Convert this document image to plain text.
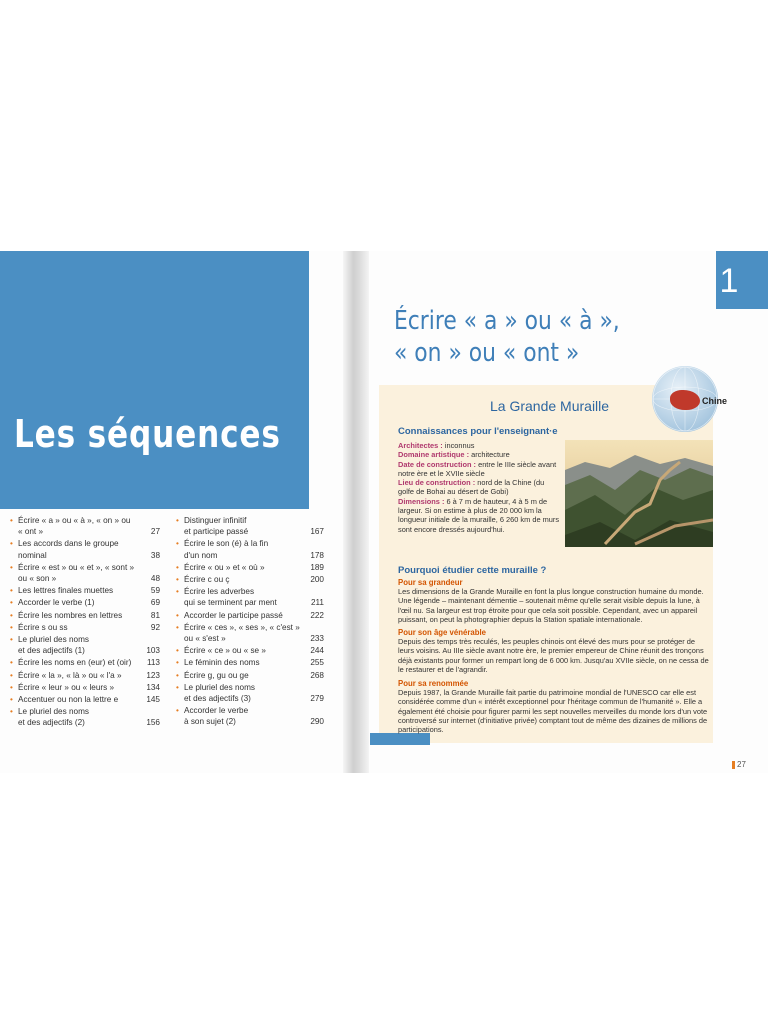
Les séquences
• Écrire « a » ou « à », « on » ou
« ont »	27
• Les accords dans le groupe
nominal	38
• Écrire « est » ou « et », « sont »
ou « son »	48
• Les lettres finales muettes	59
• Accorder le verbe (1)	69
• Écrire les nombres en lettres	81
• Écrire s ou ss	92
• Le pluriel des noms
et des adjectifs (1)	103
• Écrire les noms en (eur) et (oir) 113
• Écrire « la », « là » ou « l'a »	123
• Écrire « leur » ou « leurs »	134
• Accentuer ou non la lettre e	145
• Le pluriel des noms
et des adjectifs (2)	156
• Distinguer infinitif
et participe passé	167
• Écrire le son (é) à la fin
d'un nom	178
• Écrire « ou » et « où »	189
• Écrire c ou ç	200
• Écrire les adverbes
qui se terminent par ment	211
• Accorder le participe passé	222
• Écrire « ces », « ses », « c'est »
ou « s'est »	233
• Écrire « ce » ou « se »	244
• Le féminin des noms	255
• Écrire g, gu ou ge	268
• Le pluriel des noms
et des adjectifs (3)	279
• Accorder le verbe
à son sujet (2)	290
1
Écrire « a » ou « à »,
« on » ou « ont »
La Grande Muraille	Chine
Connaissances pour l'enseignant·e
Architectes : inconnus
Domaine artistique : architecture
Date de construction : entre le IIIe siècle avant notre ère et le XVIIe siècle
Lieu de construction : nord de la Chine (du golfe de Bohai au désert de Gobi)
Dimensions : 6 à 7 m de hauteur, 4 à 5 m de largeur. Si on estime à plus de 20 000 km la longueur initiale de la muraille, 6 260 km de murs sont encore dressés aujourd'hui.
Pourquoi étudier cette muraille ?
Pour sa grandeur
Les dimensions de la Grande Muraille en font la plus longue construction humaine du monde. Une légende – maintenant démentie – soutenait même qu'elle serait visible depuis la lune, à l'œil nu. Sa largeur est trop étroite pour que cela soit possible. Cependant, avec un appareil puissant, on peut la photographier depuis la Station spatiale internationale.
Pour son âge vénérable
Depuis des temps très reculés, les peuples chinois ont élevé des murs pour se protéger de leurs voisins. Au IIIe siècle avant notre ère, le premier empereur de Chine réunit des tronçons déjà existants pour former un rempart long de 6 000 km. Jusqu'au XVIIe siècle, on ne cessa de le restaurer et de l'agrandir.
Pour sa renommée
Depuis 1987, la Grande Muraille fait partie du patrimoine mondial de l'UNESCO car elle est considérée comme d'un « intérêt exceptionnel pour l'héritage commun de l'humanité ». Elle a également été choisie pour figurer parmi les sept nouvelles merveilles du monde lors d'un vote controversé sur internet (d'initiative privée) comptant tout de même des dizaines de millions de participations.
27
